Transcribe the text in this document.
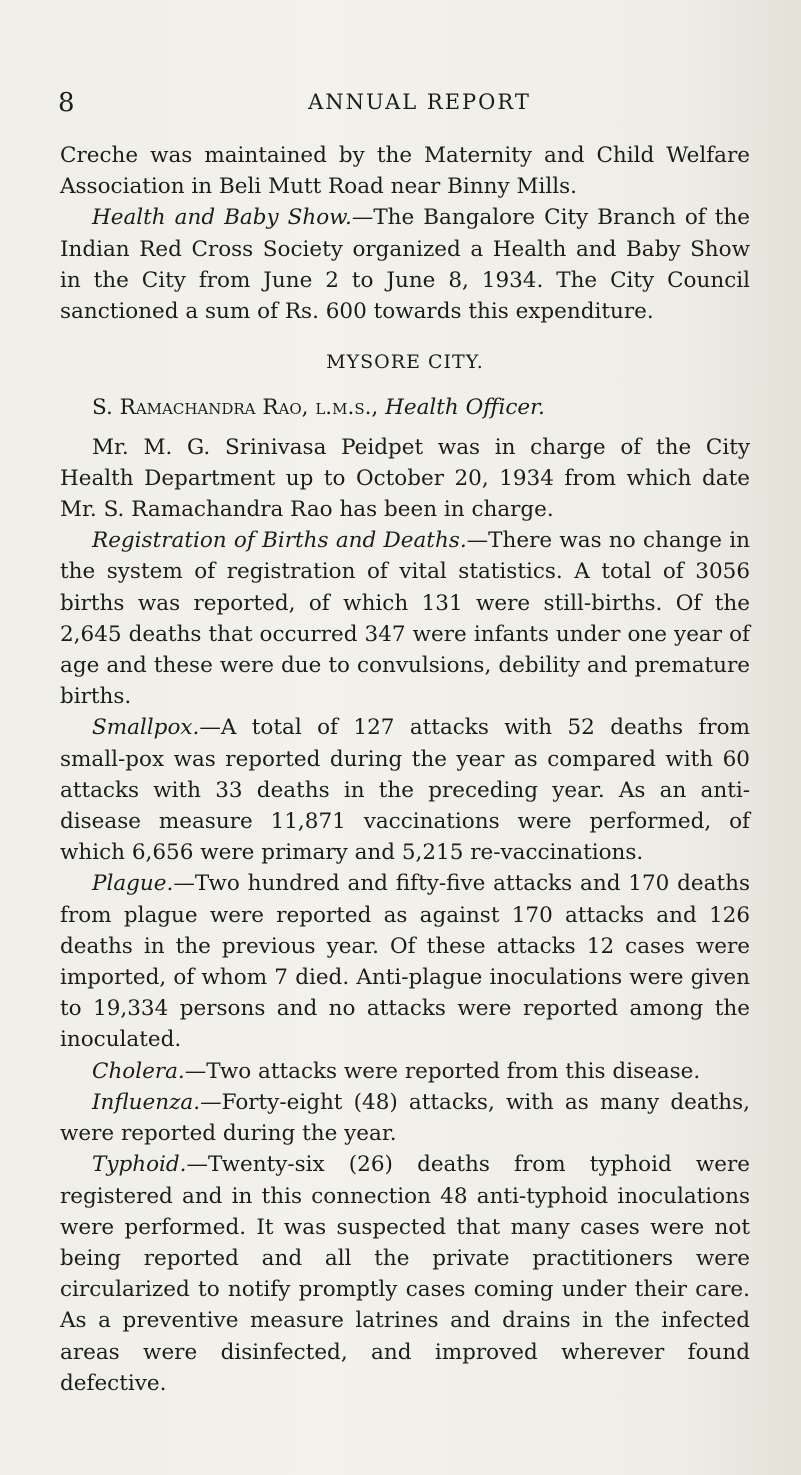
8	ANNUAL REPORT

Creche was maintained by the Maternity and Child Welfare Association in Beli Mutt Road near Binny Mills.

Health and Baby Show.—The Bangalore City Branch of the Indian Red Cross Society organized a Health and Baby Show in the City from June 2 to June 8, 1934. The City Council sanctioned a sum of Rs. 600 towards this expenditure.

MYSORE CITY.

S. Ramachandra Rao, l.m.s., Health Officer.

Mr. M. G. Srinivasa Peidpet was in charge of the City Health Department up to October 20, 1934 from which date Mr. S. Ramachandra Rao has been in charge.

Registration of Births and Deaths.—There was no change in the system of registration of vital statistics. A total of 3056 births was reported, of which 131 were still-births. Of the 2,645 deaths that occurred 347 were infants under one year of age and these were due to convulsions, debility and premature births.

Smallpox.—A total of 127 attacks with 52 deaths from small-pox was reported during the year as compared with 60 attacks with 33 deaths in the preceding year. As an anti-disease measure 11,871 vaccinations were performed, of which 6,656 were primary and 5,215 re-vaccinations.

Plague.—Two hundred and fifty-five attacks and 170 deaths from plague were reported as against 170 attacks and 126 deaths in the previous year. Of these attacks 12 cases were imported, of whom 7 died. Anti-plague inoculations were given to 19,334 persons and no attacks were reported among the inoculated.

Cholera.—Two attacks were reported from this disease.

Influenza.—Forty-eight (48) attacks, with as many deaths, were reported during the year.

Typhoid.—Twenty-six (26) deaths from typhoid were registered and in this connection 48 anti-typhoid inoculations were performed. It was suspected that many cases were not being reported and all the private practitioners were circularized to notify promptly cases coming under their care. As a preventive measure latrines and drains in the infected areas were disinfected, and improved wherever found defective.
